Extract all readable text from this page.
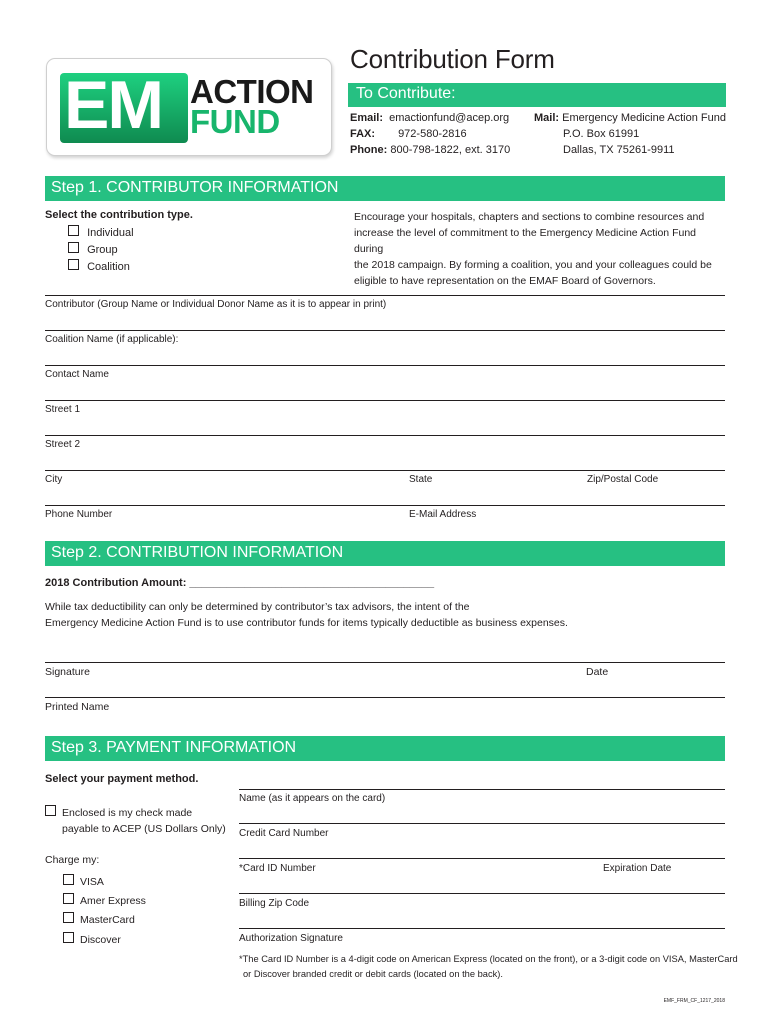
EM ACTION
FUND
Contribution Form
To Contribute:
Email: emactionfund@acep.org
FAX: 972-580-2816
Phone: 800-798-1822, ext. 3170
Mail: Emergency Medicine Action Fund
P.O. Box 61991
Dallas, TX 75261-9911
Step 1. CONTRIBUTOR INFORMATION
Select the contribution type.
Individual
Group
Coalition
Encourage your hospitals, chapters and sections to combine resources and
increase the level of commitment to the Emergency Medicine Action Fund during
the 2018 campaign. By forming a coalition, you and your colleagues could be
eligible to have representation on the EMAF Board of Governors.
Contributor (Group Name or Individual Donor Name as it is to appear in print)
Coalition Name (if applicable):
Contact Name
Street 1
Street 2
City	State	Zip/Postal Code
Phone Number	E-Mail Address
Step 2. CONTRIBUTION INFORMATION
2018 Contribution Amount: ________________________________________
While tax deductibility can only be determined by contributor’s tax advisors, the intent of the
Emergency Medicine Action Fund is to use contributor funds for items typically deductible as business expenses.
Signature	Date
Printed Name
Step 3. PAYMENT INFORMATION
Select your payment method.
Enclosed is my check made
payable to ACEP (US Dollars Only)
Charge my:
VISA
Amer Express
MasterCard
Discover
Name (as it appears on the card)
Credit Card Number
*Card ID Number	Expiration Date
Billing Zip Code
Authorization Signature
*The Card ID Number is a 4-digit code on American Express (located on the front), or a 3-digit code on VISA, MasterCard
or Discover branded credit or debit cards (located on the back).
EMF_FRM_CF_1217_2018
